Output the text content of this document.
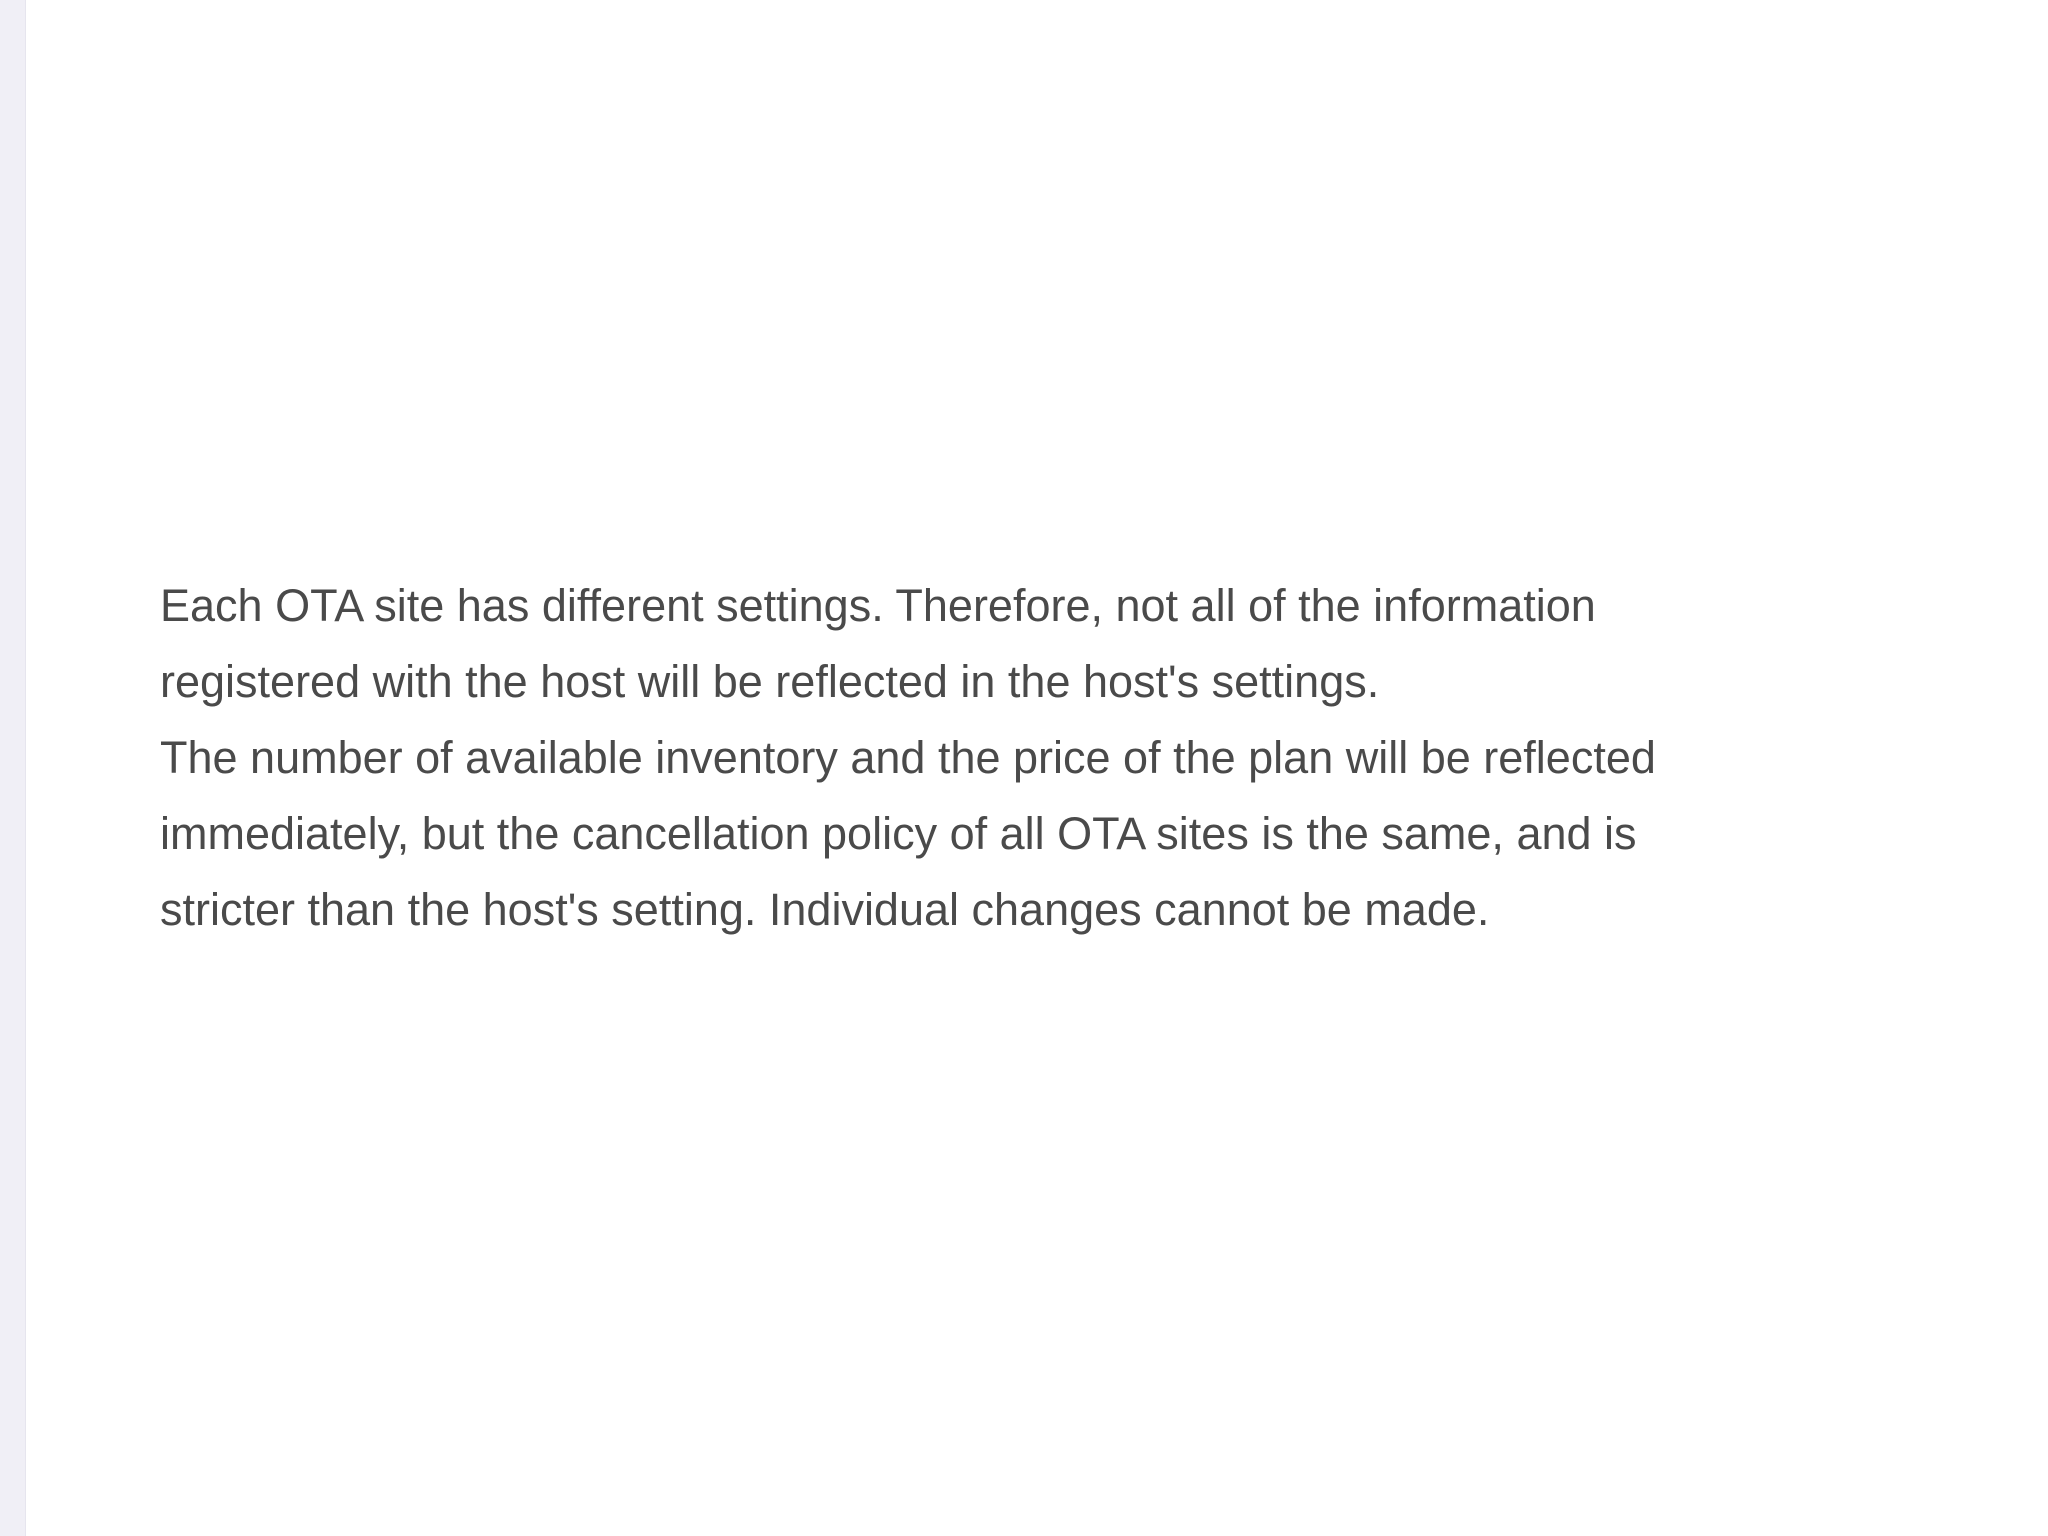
Each OTA site has different settings. Therefore, not all of the information
registered with the host will be reflected in the host's settings.
The number of available inventory and the price of the plan will be reflected
immediately, but the cancellation policy of all OTA sites is the same, and is
stricter than the host's setting. Individual changes cannot be made.
